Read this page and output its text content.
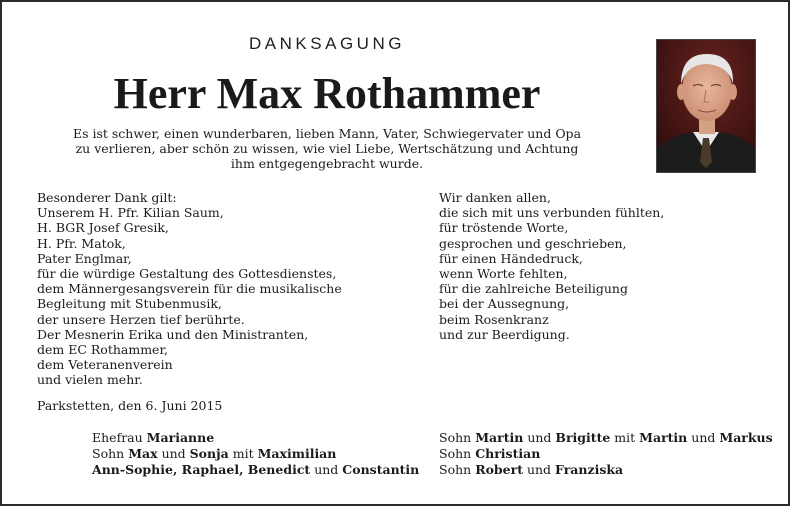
DANKSAGUNG
Herr Max Rothammer
Es ist schwer, einen wunderbaren, lieben Mann, Vater, Schwiegervater und Opa
zu verlieren, aber schön zu wissen, wie viel Liebe, Wertschätzung und Achtung
ihm entgegengebracht wurde.
Besonderer Dank gilt:
Unserem H. Pfr. Kilian Saum,
H. BGR Josef Gresik,
H. Pfr. Matok,
Pater Englmar,
für die würdige Gestaltung des Gottesdienstes,
dem Männergesangsverein für die musikalische
Begleitung mit Stubenmusik,
der unsere Herzen tief berührte.
Der Mesnerin Erika und den Ministranten,
dem EC Rothammer,
dem Veteranenverein
und vielen mehr.
Wir danken allen,
die sich mit uns verbunden fühlten,
für tröstende Worte,
gesprochen und geschrieben,
für einen Händedruck,
wenn Worte fehlten,
für die zahlreiche Beteiligung
bei der Aussegnung,
beim Rosenkranz
und zur Beerdigung.
Parkstetten, den 6. Juni 2015
Ehefrau Marianne
Sohn Max und Sonja mit Maximilian
Ann-Sophie, Raphael, Benedict und Constantin
Sohn Martin und Brigitte mit Martin und Markus
Sohn Christian
Sohn Robert und Franziska
